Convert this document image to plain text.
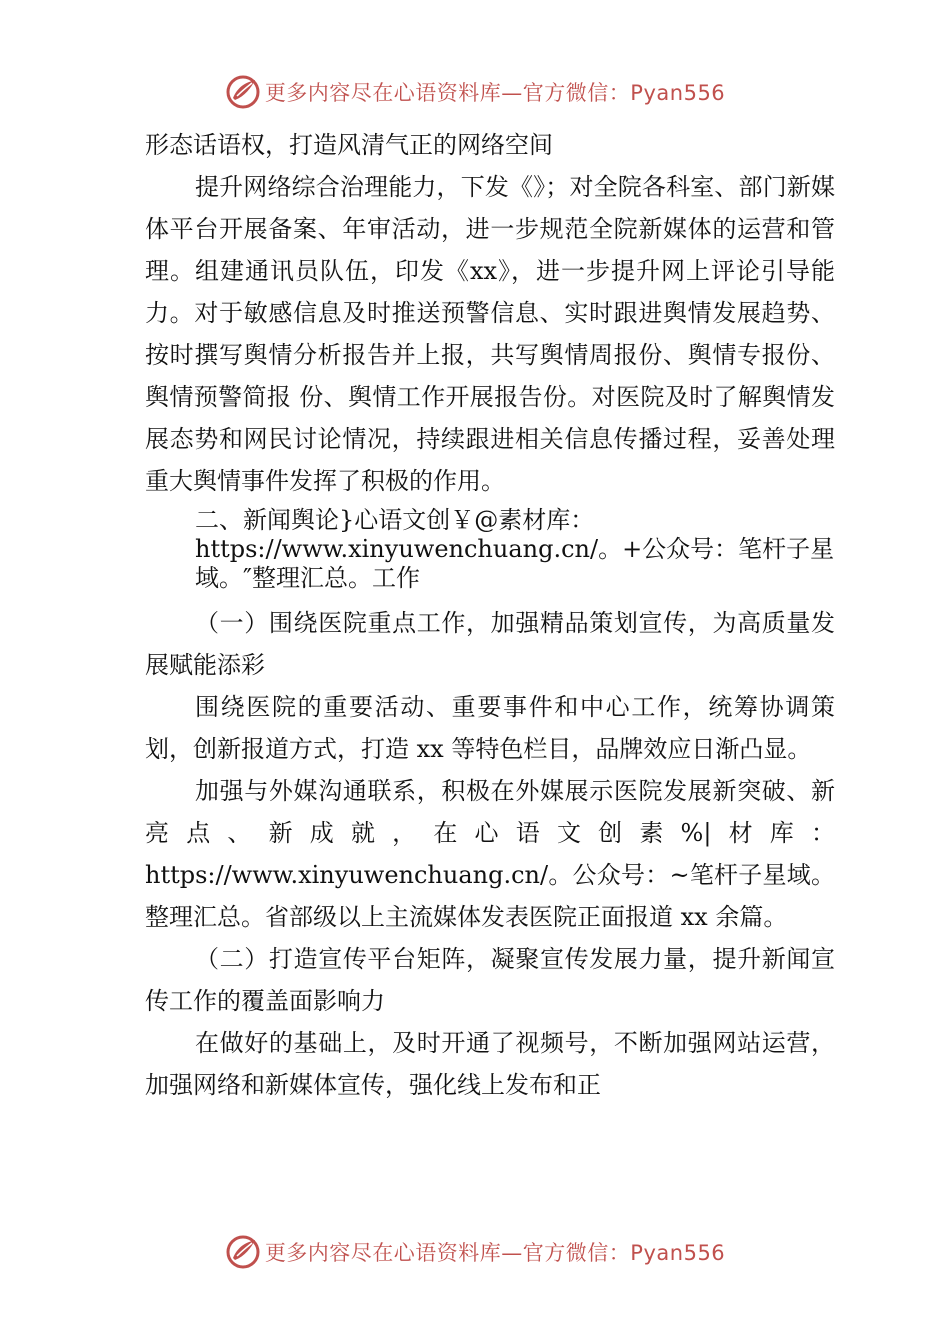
更多内容尽在心语资料库—官方微信：Pyan556

形态话语权，打造风清气正的网络空间

提升网络综合治理能力，下发《》；对全院各科室、部门新媒体平台开展备案、年审活动，进一步规范全院新媒体的运营和管理。组建通讯员队伍，印发《xx》，进一步提升网上评论引导能力。对于敏感信息及时推送预警信息、实时跟进舆情发展趋势、按时撰写舆情分析报告并上报，共写舆情周报份、舆情专报份、舆情预警简报 份、舆情工作开展报告份。对医院及时了解舆情发展态势和网民讨论情况，持续跟进相关信息传播过程，妥善处理重大舆情事件发挥了积极的作用。

二、新闻舆论}心语文创￥@素材库：https://www.xinyuwenchuang.cn/。+公众号：笔杆子星域。″整理汇总。工作

（一）围绕医院重点工作，加强精品策划宣传，为高质量发展赋能添彩

围绕医院的重要活动、重要事件和中心工作，统筹协调策划，创新报道方式，打造 xx 等特色栏目，品牌效应日渐凸显。

加强与外媒沟通联系，积极在外媒展示医院发展新突破、新亮点、新成就，在心语文创素%|材库：https://www.xinyuwenchuang.cn/。公众号：~笔杆子星域。整理汇总。省部级以上主流媒体发表医院正面报道 xx 余篇。

（二）打造宣传平台矩阵，凝聚宣传发展力量，提升新闻宣传工作的覆盖面影响力

在做好的基础上，及时开通了视频号，不断加强网站运营，加强网络和新媒体宣传，强化线上发布和正

更多内容尽在心语资料库—官方微信：Pyan556
